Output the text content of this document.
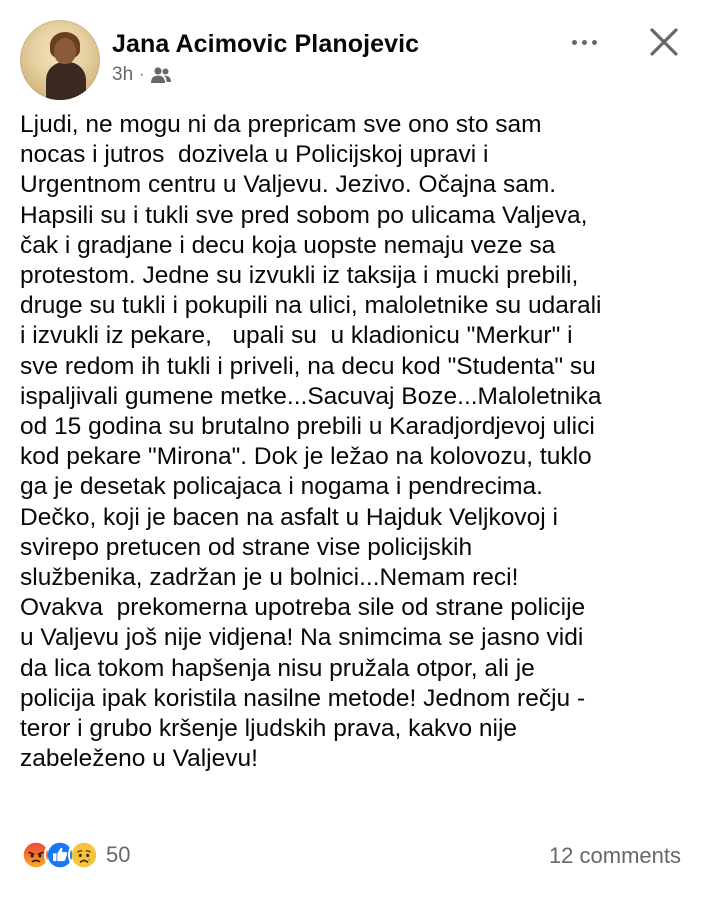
Jana Acimovic Planojevic
3h ·
Ljudi, ne mogu ni da prepricam sve ono sto sam
nocas i jutros  dozivela u Policijskoj upravi i
Urgentnom centru u Valjevu. Jezivo. Očajna sam.
Hapsili su i tukli sve pred sobom po ulicama Valjeva,
čak i gradjane i decu koja uopste nemaju veze sa
protestom. Jedne su izvukli iz taksija i mucki prebili,
druge su tukli i pokupili na ulici, maloletnike su udarali
i izvukli iz pekare,   upali su  u kladionicu "Merkur" i
sve redom ih tukli i priveli, na decu kod "Studenta" su
ispaljivali gumene metke...Sacuvaj Boze...Maloletnika
od 15 godina su brutalno prebili u Karadjordjevoj ulici
kod pekare "Mirona". Dok je ležao na kolovozu, tuklo
ga je desetak policajaca i nogama i pendrecima.
Dečko, koji je bacen na asfalt u Hajduk Veljkovoj i
svirepo pretucen od strane vise policijskih
službenika, zadržan je u bolnici...Nemam reci!
Ovakva  prekomerna upotreba sile od strane policije
u Valjevu još nije vidjena! Na snimcima se jasno vidi
da lica tokom hapšenja nisu pružala otpor, ali je
policija ipak koristila nasilne metode! Jednom rečju -
teror i grubo kršenje ljudskih prava, kakvo nije
zabeleženo u Valjevu!
50	12 comments
